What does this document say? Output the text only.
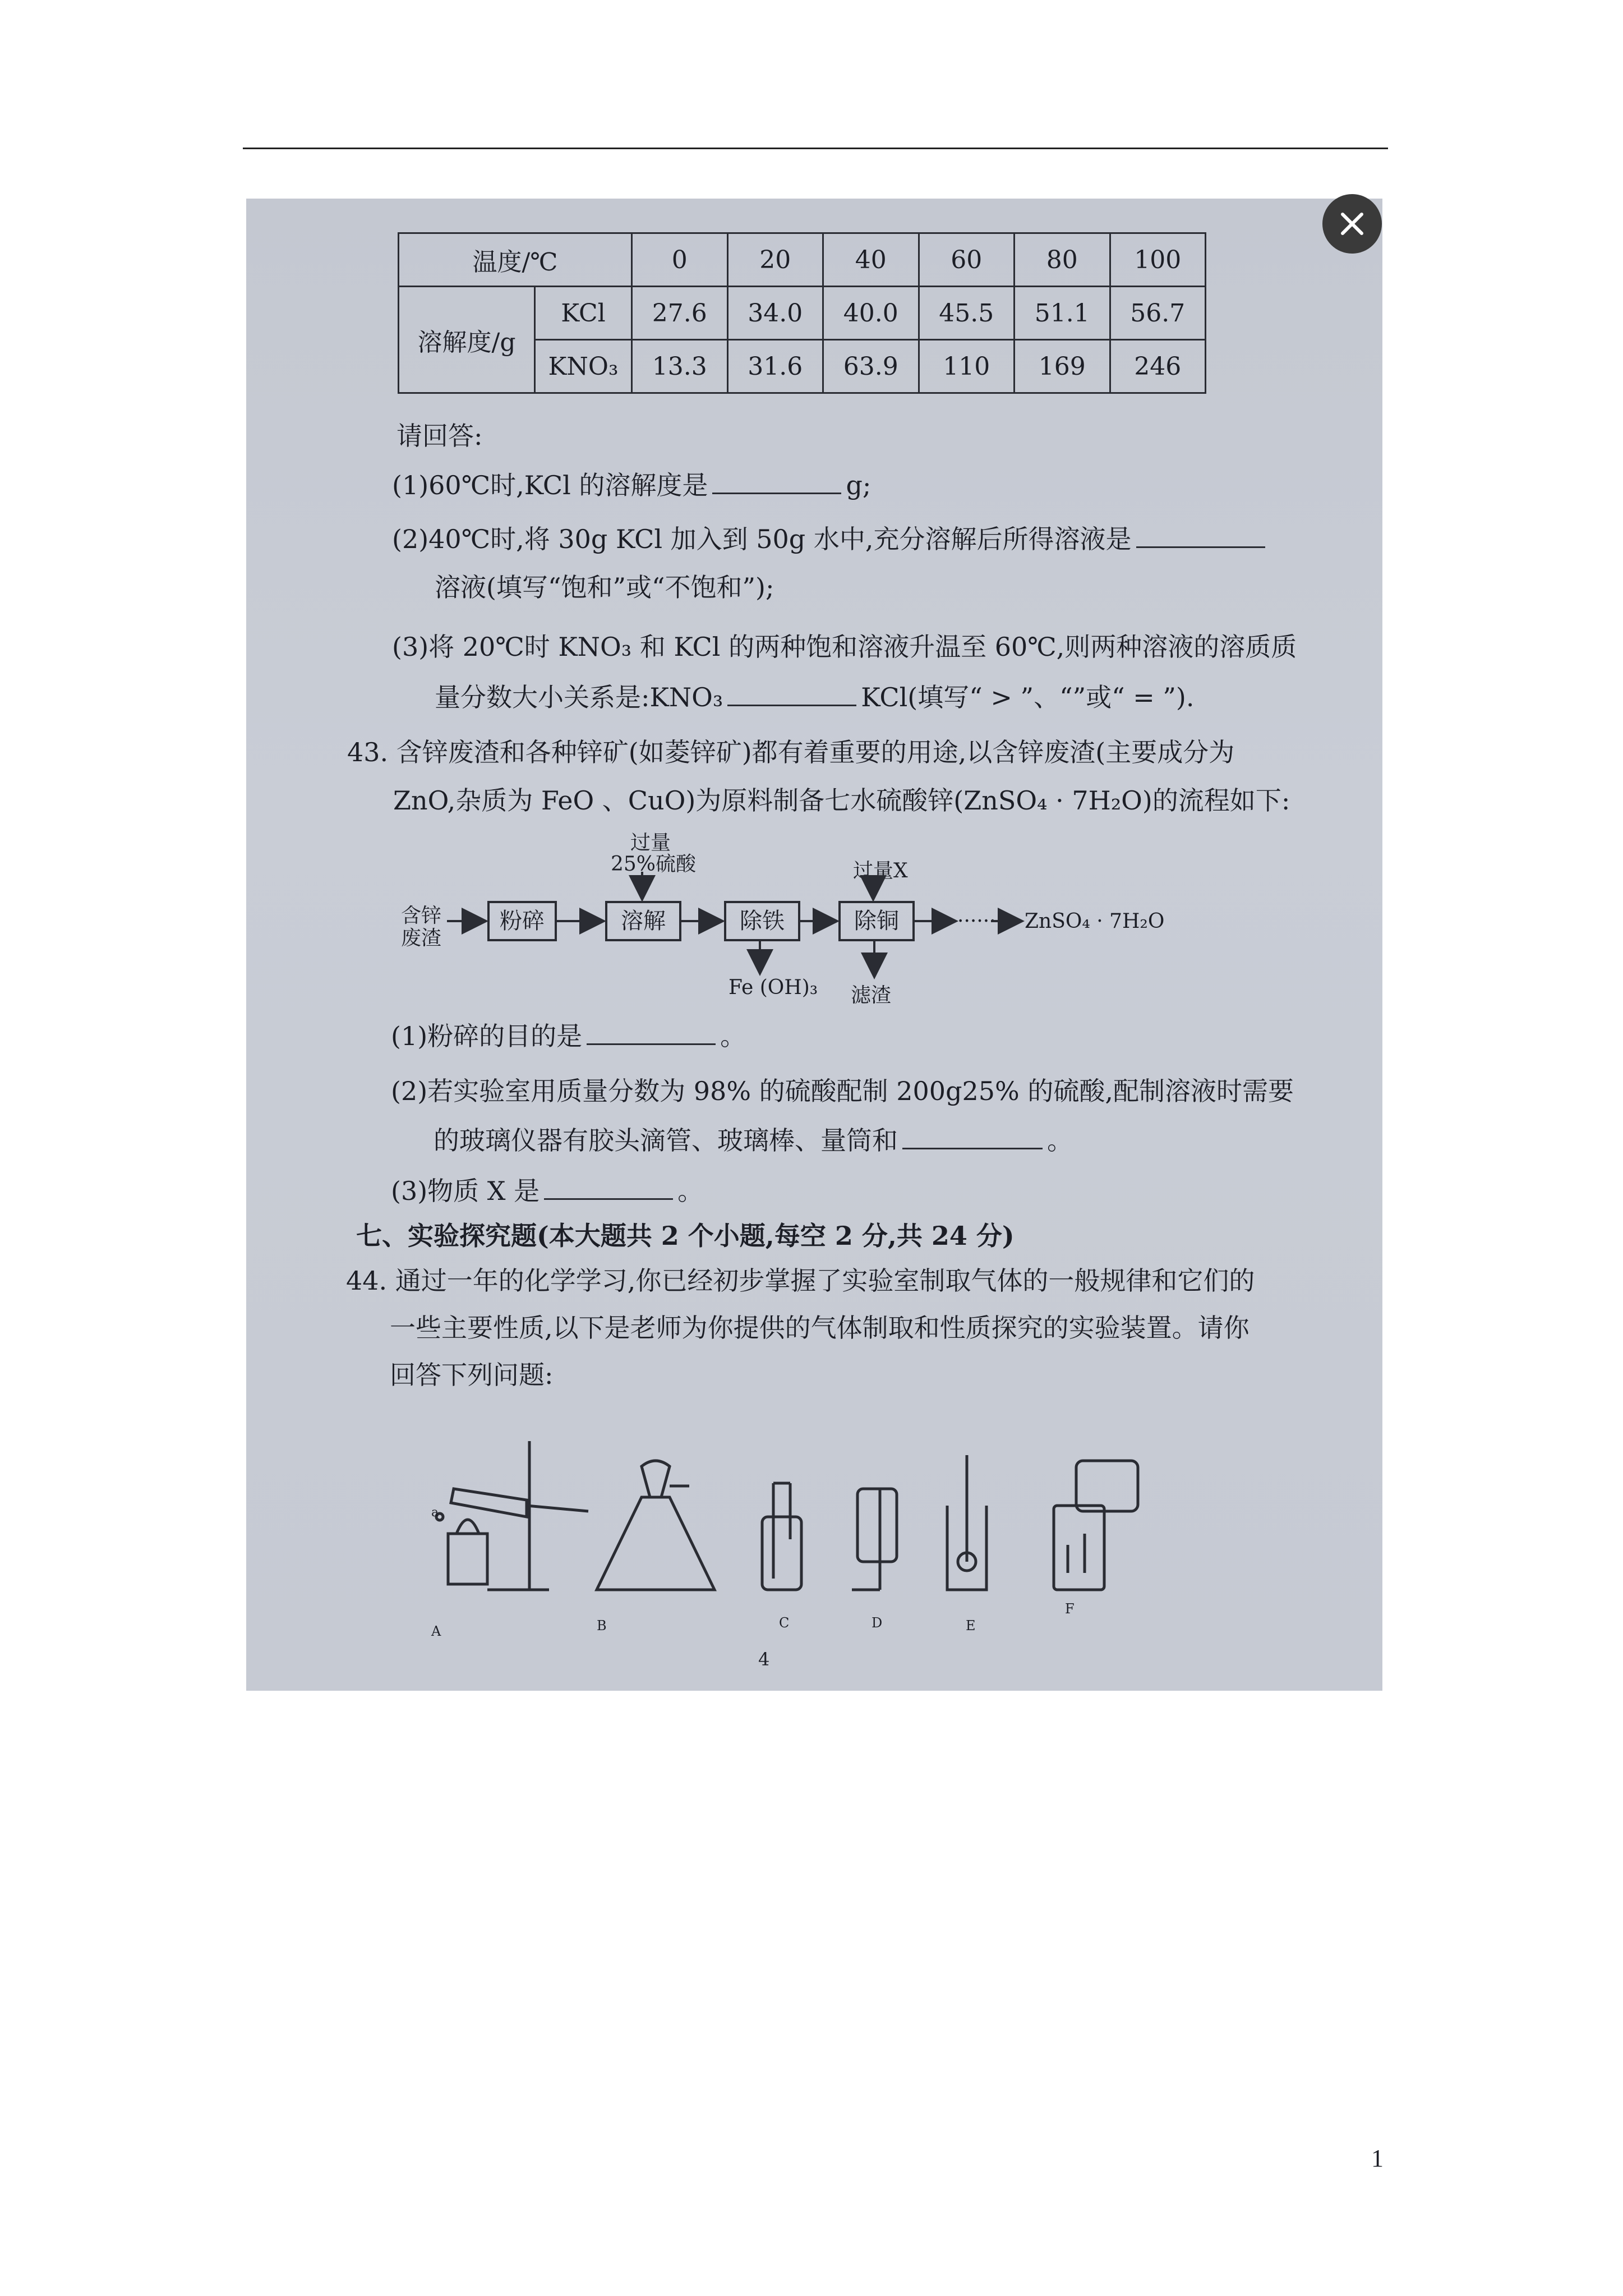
温度/℃		0	20	40	60	80	100
溶解度/g	KCl	27.6	34.0	40.0	45.5	51.1	56.7
	KNO₃	13.3	31.6	63.9	110	169	246
请回答:
(1)60℃时,KCl 的溶解度是	g;
(2)40℃时,将 30g KCl 加入到 50g 水中,充分溶解后所得溶液是
溶液(填写“饱和”或“不饱和”);
(3)将 20℃时 KNO₃ 和 KCl 的两种饱和溶液升温至 60℃,则两种溶液的溶质质
量分数大小关系是:KNO₃	KCl(填写“ > ”、“”或“ = ”).
43. 含锌废渣和各种锌矿(如菱锌矿)都有着重要的用途,以含锌废渣(主要成分为
ZnO,杂质为 FeO 、CuO)为原料制备七水硫酸锌(ZnSO₄ · 7H₂O)的流程如下:
含锌
废渣
过量
25%硫酸	过量X
粉碎	溶解	除铁	除铜	······ ZnSO₄ · 7H₂O
Fe (OH)₃ 滤渣
(1)粉碎的目的是	。
(2)若实验室用质量分数为 98% 的硫酸配制 200g25% 的硫酸,配制溶液时需要
的玻璃仪器有胶头滴管、玻璃棒、量筒和	。
(3)物质 X 是	。
七、实验探究题(本大题共 2 个小题,每空 2 分,共 24 分)
44. 通过一年的化学学习,你已经初步掌握了实验室制取气体的一般规律和它们的
一些主要性质,以下是老师为你提供的气体制取和性质探究的实验装置。请你
回答下列问题:
A
a
B	C	D	E
F
4
1
